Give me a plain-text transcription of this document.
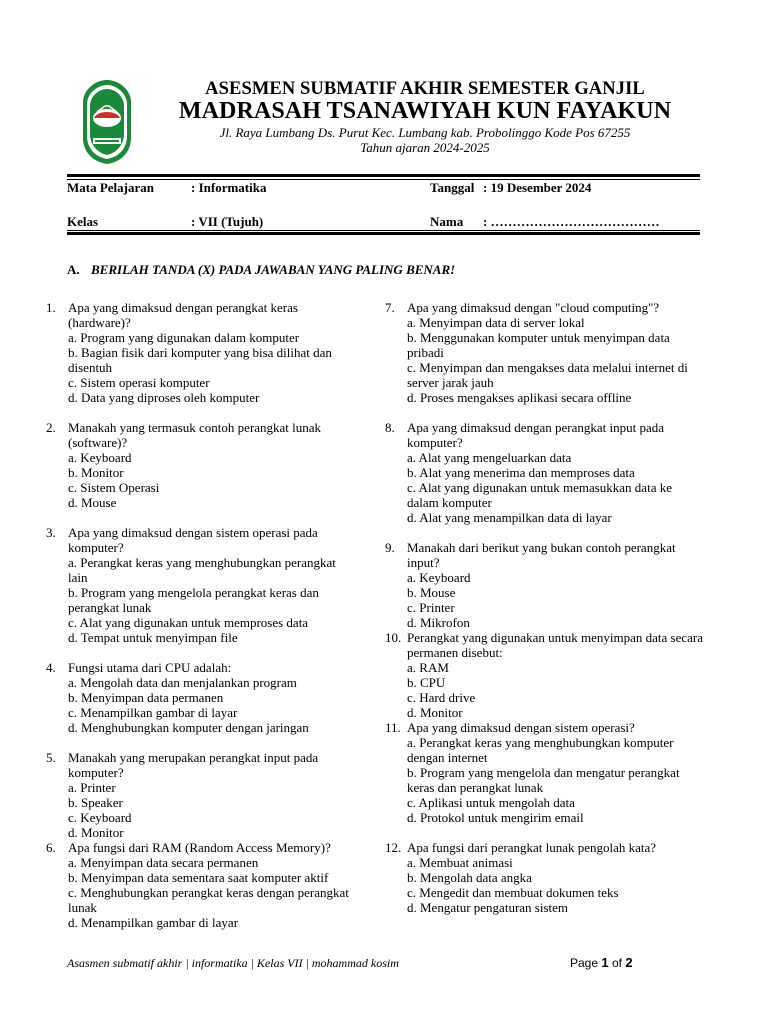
ASESMEN SUBMATIF AKHIR SEMESTER GANJIL
MADRASAH TSANAWIYAH KUN FAYAKUN
Jl. Raya Lumbang Ds. Purut Kec. Lumbang kab. Probolinggo Kode Pos 67255
Tahun ajaran 2024-2025
Mata Pelajaran	: Informatika	Tanggal : 19 Desember 2024
Kelas	: VII (Tujuh)	Nama : …………………………………
A. BERILAH TANDA (X) PADA JAWABAN YANG PALING BENAR!
1. Apa yang dimaksud dengan perangkat keras (hardware)?
a. Program yang digunakan dalam komputer
b. Bagian fisik dari komputer yang bisa dilihat dan disentuh
c. Sistem operasi komputer
d. Data yang diproses oleh komputer
2. Manakah yang termasuk contoh perangkat lunak (software)?
a. Keyboard
b. Monitor
c. Sistem Operasi
d. Mouse
3. Apa yang dimaksud dengan sistem operasi pada komputer?
a. Perangkat keras yang menghubungkan perangkat lain
b. Program yang mengelola perangkat keras dan perangkat lunak
c. Alat yang digunakan untuk memproses data
d. Tempat untuk menyimpan file
4. Fungsi utama dari CPU adalah:
a. Mengolah data dan menjalankan program
b. Menyimpan data permanen
c. Menampilkan gambar di layar
d. Menghubungkan komputer dengan jaringan
5. Manakah yang merupakan perangkat input pada komputer?
a. Printer
b. Speaker
c. Keyboard
d. Monitor
6. Apa fungsi dari RAM (Random Access Memory)?
a. Menyimpan data secara permanen
b. Menyimpan data sementara saat komputer aktif
c. Menghubungkan perangkat keras dengan perangkat lunak
d. Menampilkan gambar di layar
7. Apa yang dimaksud dengan "cloud computing"?
a. Menyimpan data di server lokal
b. Menggunakan komputer untuk menyimpan data pribadi
c. Menyimpan dan mengakses data melalui internet di server jarak jauh
d. Proses mengakses aplikasi secara offline
8. Apa yang dimaksud dengan perangkat input pada komputer?
a. Alat yang mengeluarkan data
b. Alat yang menerima dan memproses data
c. Alat yang digunakan untuk memasukkan data ke dalam komputer
d. Alat yang menampilkan data di layar
9. Manakah dari berikut yang bukan contoh perangkat input?
a. Keyboard
b. Mouse
c. Printer
d. Mikrofon
10. Perangkat yang digunakan untuk menyimpan data secara permanen disebut:
a. RAM
b. CPU
c. Hard drive
d. Monitor
11. Apa yang dimaksud dengan sistem operasi?
a. Perangkat keras yang menghubungkan komputer dengan internet
b. Program yang mengelola dan mengatur perangkat keras dan perangkat lunak
c. Aplikasi untuk mengolah data
d. Protokol untuk mengirim email
12. Apa fungsi dari perangkat lunak pengolah kata?
a. Membuat animasi
b. Mengolah data angka
c. Mengedit dan membuat dokumen teks
d. Mengatur pengaturan sistem
Asasmen submatif akhir | informatika | Kelas VII | mohammad kosim	Page 1 of 2
